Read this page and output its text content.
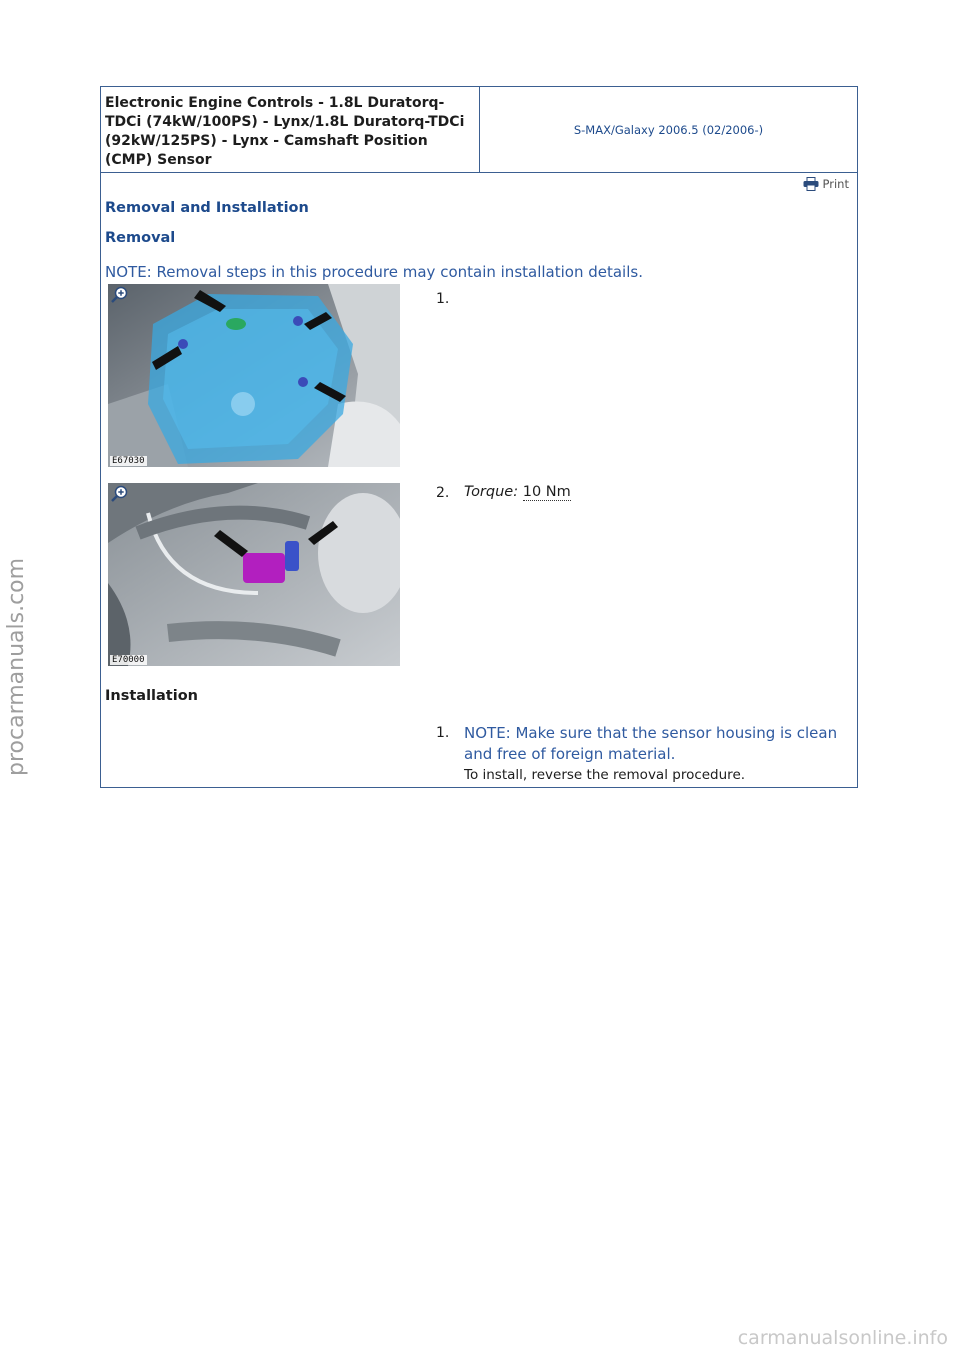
Electronic Engine Controls - 1.8L Duratorq-TDCi (74kW/100PS) - Lynx/1.8L Duratorq-TDCi (92kW/125PS) - Lynx - Camshaft Position (CMP) Sensor
S-MAX/Galaxy 2006.5 (02/2006-)
Print
Removal and Installation
Removal
NOTE: Removal steps in this procedure may contain installation details.
E67030
1.
E70000
2. Torque: 10 Nm
Installation
1. NOTE: Make sure that the sensor housing is clean and free of foreign material.
To install, reverse the removal procedure.
procarmanuals.com
carmanualsonline.info
